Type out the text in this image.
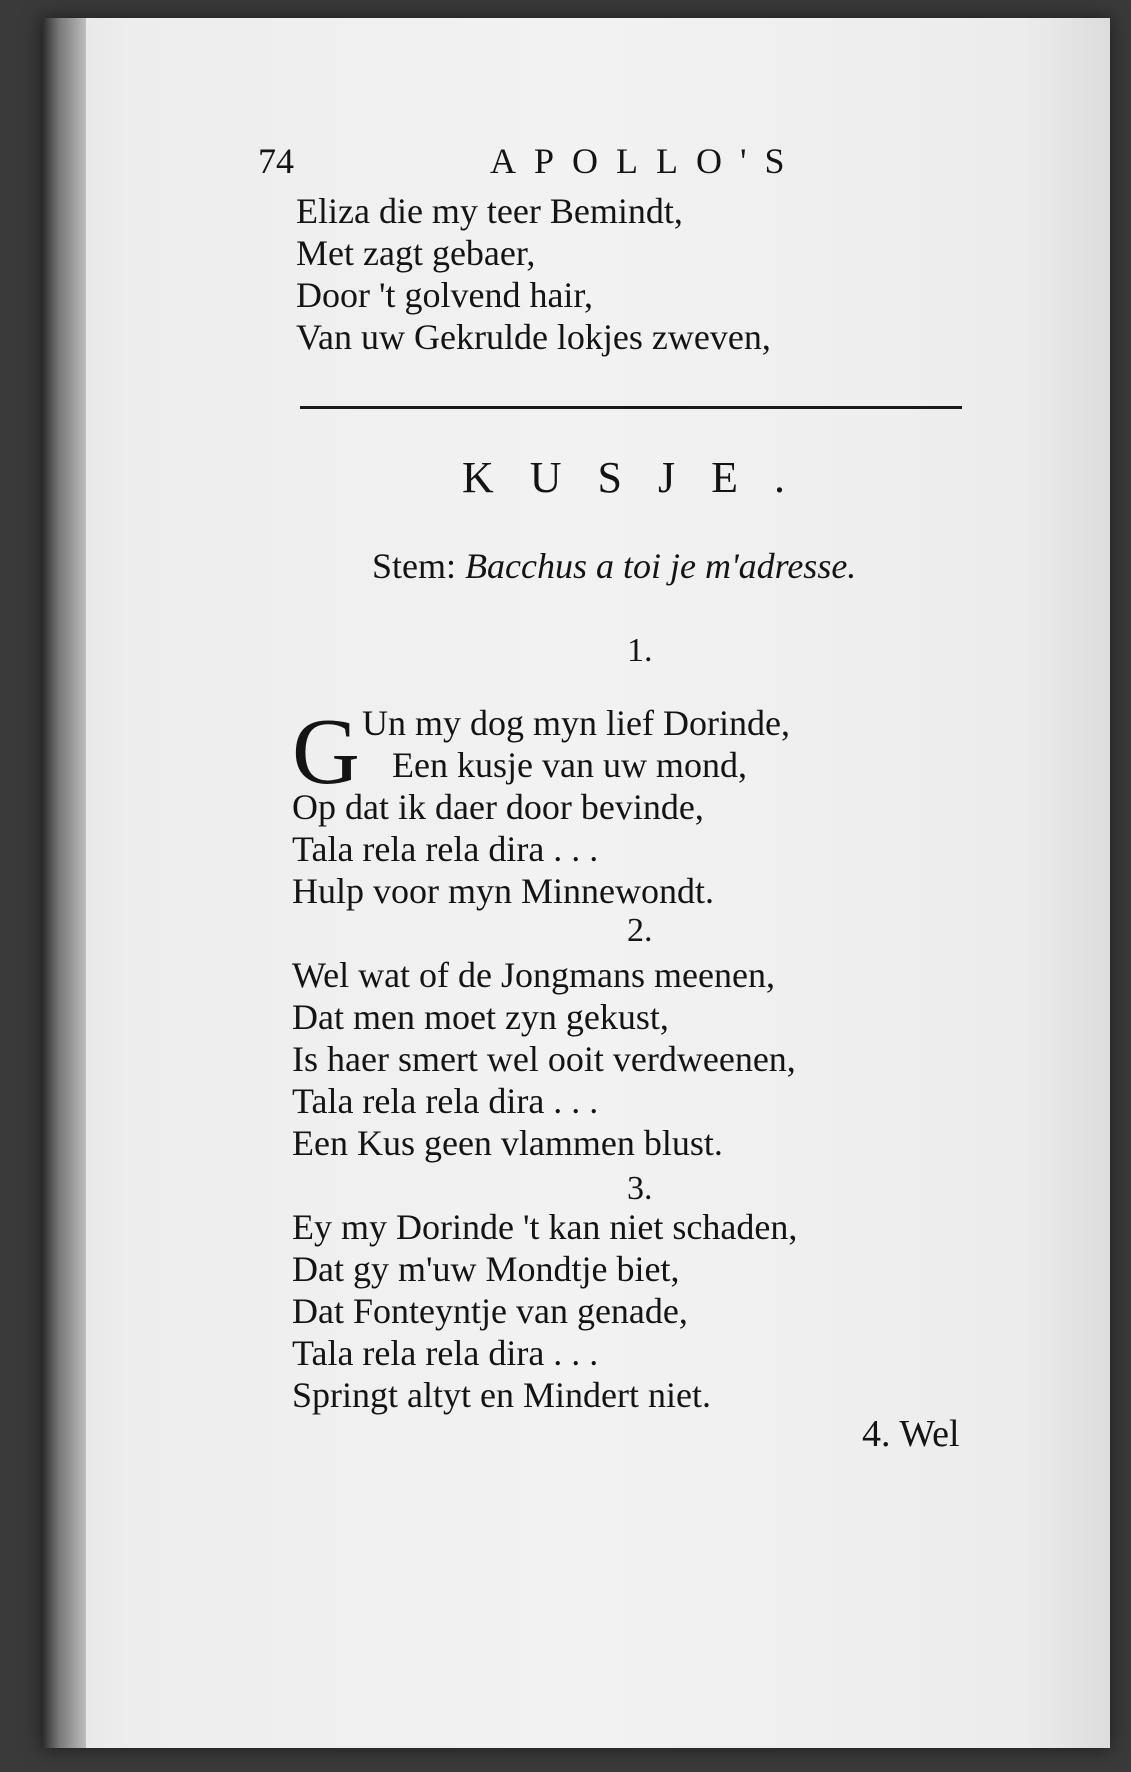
74	APOLLO'S
Eliza die my teer Bemindt,
Met zagt gebaer,
Door 't golvend hair,
Van uw Gekrulde lokjes zweven,
KUSJE.
Stem: Bacchus a toi je m'adresse.
1.
G Un my dog myn lief Dorinde,
Een kusje van uw mond,
Op dat ik daer door bevinde,
Tala rela rela dira . . .
Hulp voor myn Minnewondt.
2.
Wel wat of de Jongmans meenen,
Dat men moet zyn gekust,
Is haer smert wel ooit verdweenen,
Tala rela rela dira . . .
Een Kus geen vlammen blust.
3.
Ey my Dorinde 't kan niet schaden,
Dat gy m'uw Mondtje biet,
Dat Fonteyntje van genade,
Tala rela rela dira . . .
Springt altyt en Mindert niet.
4. Wel
